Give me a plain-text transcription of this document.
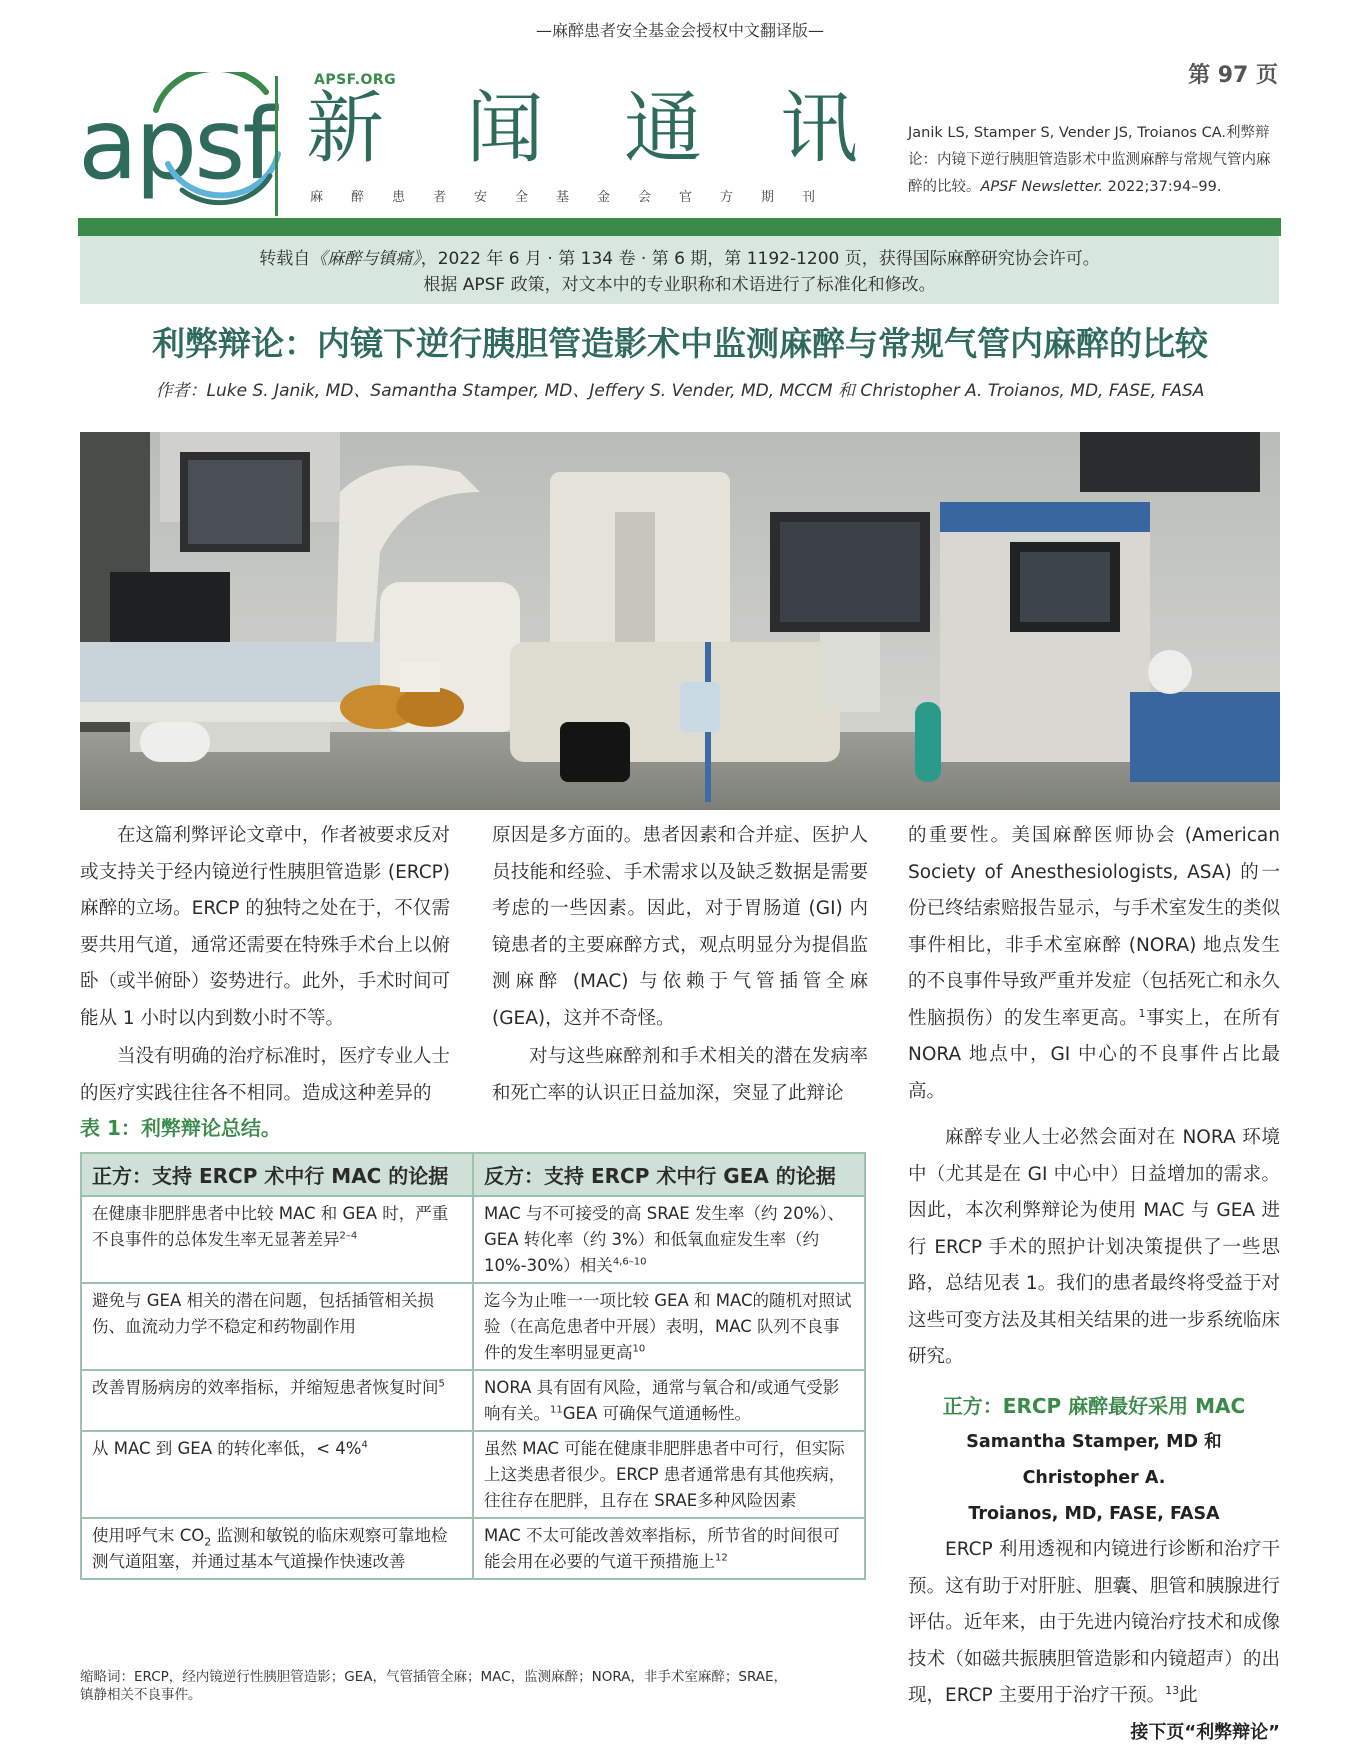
—麻醉患者安全基金会授权中文翻译版—
apsf
APSF.ORG
新 闻 通 讯
麻 醉 患 者 安 全 基 金 会 官 方 期 刊
第 97 页
Janik LS, Stamper S, Vender JS, Troianos CA.利弊辩论：内镜下逆行胰胆管造影术中监测麻醉与常规气管内麻醉的比较。APSF Newsletter. 2022;37:94–99.
转载自《麻醉与镇痛》，2022 年 6 月 · 第 134 卷 · 第 6 期，第 1192-1200 页，获得国际麻醉研究协会许可。
根据 APSF 政策，对文本中的专业职称和术语进行了标准化和修改。
利弊辩论：内镜下逆行胰胆管造影术中监测麻醉与常规气管内麻醉的比较
作者：Luke S. Janik, MD、Samantha Stamper, MD、Jeffery S. Vender, MD, MCCM 和 Christopher A. Troianos, MD, FASE, FASA

在这篇利弊评论文章中，作者被要求反对或支持关于经内镜逆行性胰胆管造影 (ERCP) 麻醉的立场。ERCP 的独特之处在于，不仅需要共用气道，通常还需要在特殊手术台上以俯卧（或半俯卧）姿势进行。此外，手术时间可能从 1 小时以内到数小时不等。

当没有明确的治疗标准时，医疗专业人士的医疗实践往往各不相同。造成这种差异的

原因是多方面的。患者因素和合并症、医护人员技能和经验、手术需求以及缺乏数据是需要考虑的一些因素。因此，对于胃肠道 (GI) 内镜患者的主要麻醉方式，观点明显分为提倡监测麻醉 (MAC) 与依赖于气管插管全麻 (GEA)，这并不奇怪。

对与这些麻醉剂和手术相关的潜在发病率和死亡率的认识正日益加深，突显了此辩论

的重要性。美国麻醉医师协会 (American Society of Anesthesiologists, ASA) 的一份已终结索赔报告显示，与手术室发生的类似事件相比，非手术室麻醉 (NORA) 地点发生的不良事件导致严重并发症（包括死亡和永久性脑损伤）的发生率更高。$^1$事实上，在所有 NORA 地点中，GI 中心的不良事件占比最高。

麻醉专业人士必然会面对在 NORA 环境中（尤其是在 GI 中心中）日益增加的需求。因此，本次利弊辩论为使用 MAC 与 GEA 进行 ERCP 手术的照护计划决策提供了一些思路，总结见表 1。我们的患者最终将受益于对这些可变方法及其相关结果的进一步系统临床研究。

正方：ERCP 麻醉最好采用 MAC

Samantha Stamper, MD 和 Christopher A.

Troianos, MD, FASE, FASA

ERCP 利用透视和内镜进行诊断和治疗干预。这有助于对肝脏、胆囊、胆管和胰腺进行评估。近年来，由于先进内镜治疗技术和成像技术（如磁共振胰胆管造影和内镜超声）的出现，ERCP 主要用于治疗干预。$^{13}$此

接下页“利弊辩论”

表 1：利弊辩论总结。
正方：支持 ERCP 术中行 MAC 的论据	反方：支持 ERCP 术中行 GEA 的论据
在健康非肥胖患者中比较 MAC 和 GEA 时，严重不良事件的总体发生率无显著差异$^{2-4}$	MAC 与不可接受的高 SRAE 发生率（约 20%）、GEA 转化率（约 3%）和低氧血症发生率（约 10%-30%）相关$^{4,6-10}$
避免与 GEA 相关的潜在问题，包括插管相关损伤、血流动力学不稳定和药物副作用	迄今为止唯一一项比较 GEA 和 MAC的随机对照试验（在高危患者中开展）表明，MAC 队列不良事件的发生率明显更高$^{10}$
改善胃肠病房的效率指标，并缩短患者恢复时间$^5$	NORA 具有固有风险，通常与氧合和/或通气受影响有关。$^{11}$GEA 可确保气道通畅性。
从 MAC 到 GEA 的转化率低，< 4%$^4$	虽然 MAC 可能在健康非肥胖患者中可行，但实际上这类患者很少。ERCP 患者通常患有其他疾病，往往存在肥胖，且存在 SRAE多种风险因素
使用呼气末 $CO_2$ 监测和敏锐的临床观察可靠地检测气道阻塞，并通过基本气道操作快速改善	MAC 不太可能改善效率指标，所节省的时间很可能会用在必要的气道干预措施上$^{12}$
缩略词：ERCP，经内镜逆行性胰胆管造影；GEA，气管插管全麻；MAC，监测麻醉；NORA，非手术室麻醉；SRAE，镇静相关不良事件。
